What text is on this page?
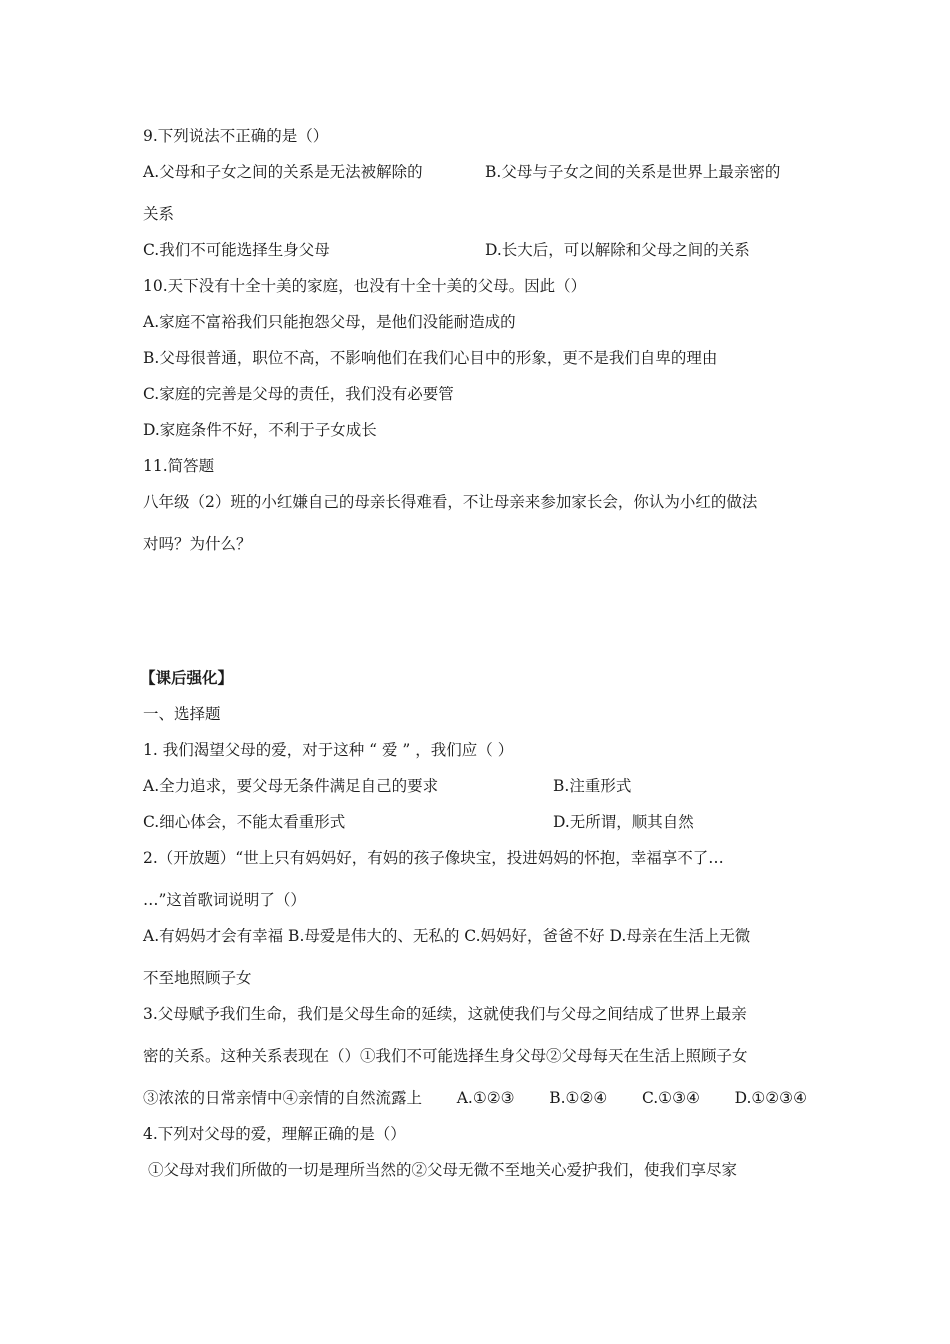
9.下列说法不正确的是（）
A.父母和子女之间的关系是无法被解除的	B.父母与子女之间的关系是世界上最亲密的
关系
C.我们不可能选择生身父母	D.长大后，可以解除和父母之间的关系
10.天下没有十全十美的家庭，也没有十全十美的父母。因此（）
A.家庭不富裕我们只能抱怨父母，是他们没能耐造成的
B.父母很普通，职位不高，不影响他们在我们心目中的形象，更不是我们自卑的理由
C.家庭的完善是父母的责任，我们没有必要管
D.家庭条件不好，不利于子女成长
11.简答题
八年级（2）班的小红嫌自己的母亲长得难看，不让母亲来参加家长会，你认为小红的做法
对吗？为什么？
【课后强化】
一、选择题
1. 我们渴望父母的爱，对于这种 “ 爱 ” ，我们应（ ）
A.全力追求，要父母无条件满足自己的要求	B.注重形式
C.细心体会，不能太看重形式	D.无所谓，顺其自然
2.（开放题）“世上只有妈妈好，有妈的孩子像块宝，投进妈妈的怀抱，幸福享不了…
…”这首歌词说明了（）
A.有妈妈才会有幸福 B.母爱是伟大的、无私的 C.妈妈好，爸爸不好 D.母亲在生活上无微
不至地照顾子女
3.父母赋予我们生命，我们是父母生命的延续，这就使我们与父母之间结成了世界上最亲
密的关系。这种关系表现在（）①我们不可能选择生身父母②父母每天在生活上照顾子女
③浓浓的日常亲情中④亲情的自然流露上 A.①②③ B.①②④ C.①③④ D.①②③④
4.下列对父母的爱，理解正确的是（）
①父母对我们所做的一切是理所当然的②父母无微不至地关心爱护我们，使我们享尽家
